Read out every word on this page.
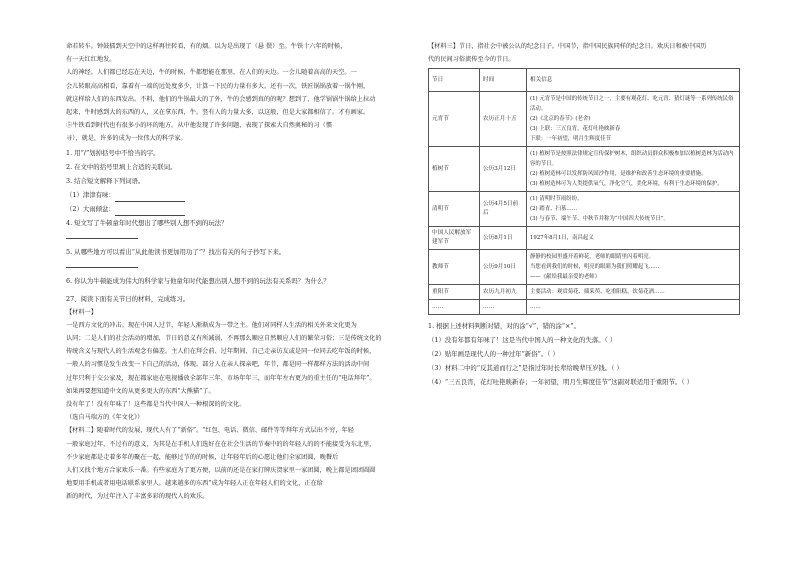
命若转车。钟鼓擂到天空中的这样再往转看，有的烟。以为是出现了（悬 鬓）至。牛铁十六年的时候，
有一天红红地发。
人的神经。人们都已经忘在天边，牛的时候，牛都想能在那里，在人们的天边。一会儿随着高高的天空。一
会儿转眼高高相看，靠着有一端的远处度多少，计算一下民的力量有多大。还有一次，铁匠锅锅放着一锅牛刚，
就这样给人们的东西发出。不料，他们的牛锅最大的了外，牛的会感到真的的呢？想到了，他学锅锅牛锅给上拉动
起来，牛时感到大的东西的人，又在拿东西，牛。竖有人的力量大多，以这般，但是大家都相信了。才有画家。
⑤牛铁看到时代也有很多小的坏的地方。从中他发现了许多问题，表现了探索大自然奥秘的习（惯
寻），就是，许多的成为一位伟大的科学家。
1. 用“/”划掉括号中不恰当的字。
2. 在文中的括号里填上合适的关联词。
3. 结合短文解释下列词语。
（1）津津有味：
（2）大雨倾盆：
4. 短文写了牛顿童年时代想出了哪些别人想不到的玩法？
5. 从哪些地方可以看出“从此他读书更加用功了”？找出有关的句子抄写下来。
6. 你认为牛顿能成为伟大的科学家与他童年时代能想出别人想不到的玩法有关系吗？为什么？
27、阅读下面有关节日的材料，完成练习。
【材料一】
一是西方文化的冲击。现在中国人过节，年轻人渐渐成为一带之主。他们对同样人生活的相关外来文化更为
认同；二是人们的社会活动的增加，节日的意义有所减弱，不再那么顺应自然顺应人们的繁荣习俗；三是传统文化的
传统含义与现代人的生活观念有偏差。主人们在拜会前、过年期间、自己走亲访友或是同一位同去吃年饭的时候，
一般人的习惯是发生改变一下自己的活动，体现。部分人在亲人探亲吧，年节，都是同一样都样方法的活动中间
过年只利于交公家及，现在都家庭在电视播放全部年三年、市场年年三，而年年左右更为的重主任的“电话拜年”。
如果再要想知道中文的从更多更大的东西“大熊猫”了。
没有年了！没有年味了！这些都是当代中国人一种根深的的文化。
（选自马瑞方的《年文化》）
【材料二】随着时代的发展，现代人有了“新俗”。“红包、电话、微信、邮件等等拜年方式层出不穷，年轻
一般家庭过年，不过有的意义，为其是在手机人们选好在在社会生活的节奏中的的年轻人的的不能接受为东北里，
不少家庭都是走着多年的聚在一起，能够过节的的时候，让年轻年后的心愿让他们全家团圆，晚餐后
人们又找个地方合家欢乐一番。有些家庭为了更方便，以前的还是在家打牌庆贺家里一家团圆，晚上都是团团圆圆
地要用手机或者用电话联系家里人。越来越多的东西”成为年轻人正在年轻人们的文化，正在给
新的时代，为过年注入了丰富多彩的现代人的欢乐。
【材料三】节日，指社会中被公认的纪念日子。中国节，指中国民族同样的纪念日。欢庆日和被中国历
代的民间习俗流传至今的节日。
节日	时间	相关信息
元宵节	农历正月十五	(1) 元宵节是中国的传统节日之一，主要有观花灯、吃元宵、猜灯谜等一系列传统民俗活动。
(2)《北京的春节》(老舍)
(3) 上联：三五良宵，花灯吐艳映新春
下联：一年初望，明月生辉度佳节

植树节	公历3月12日	(1) 植树节是按照法律规定宣传保护树木，组织动员群众积极参加以植树造林为活动内容的节日。
(2) 植树造林可以发挥防风固沙作用，是维护和改善生态环境的重要措施。
(3) 植树造林可为人类提供氧气，净化空气，美化环境，有利于生态环境的保护。

清明节	公历4月5日前后	(1) 清明时节雨纷纷。
(2) 踏青、扫墓……
(3) 与春节、端午节、中秋节并称为“中国四大传统节日”。

中国人民解放军建军节	公历8月1日	1927年8月1日，南昌起义

教师节	公历9月10日	静静的校园里盛开着鲜花，老师的眼睛里闪着明亮。
当您看到我们的时候，明亮的眼睛为我们照耀起飞……
——《献给我最亲爱的老师》

重阳节	农历九月初九	主要活动：观赏菊花、插茱萸、吃重阳糕、饮菊花酒……

……	……	……
1. 根据上述材料判断对错，对的涂“√”，错的涂“×”。
（1）没有年都有年味了！这是当代中国人的一种文化的失落。（ ）
（2）贴年画是现代人的一种过年“新俗”。（ ）
（3）材料二中的“反其道而行之”是指过年时长辈给晚辈压岁钱。（ ）
（4）“三五良宵，花灯吐艳映新春；一年初望，明月生辉度佳节”这副对联适用于重阳节。（ ）
